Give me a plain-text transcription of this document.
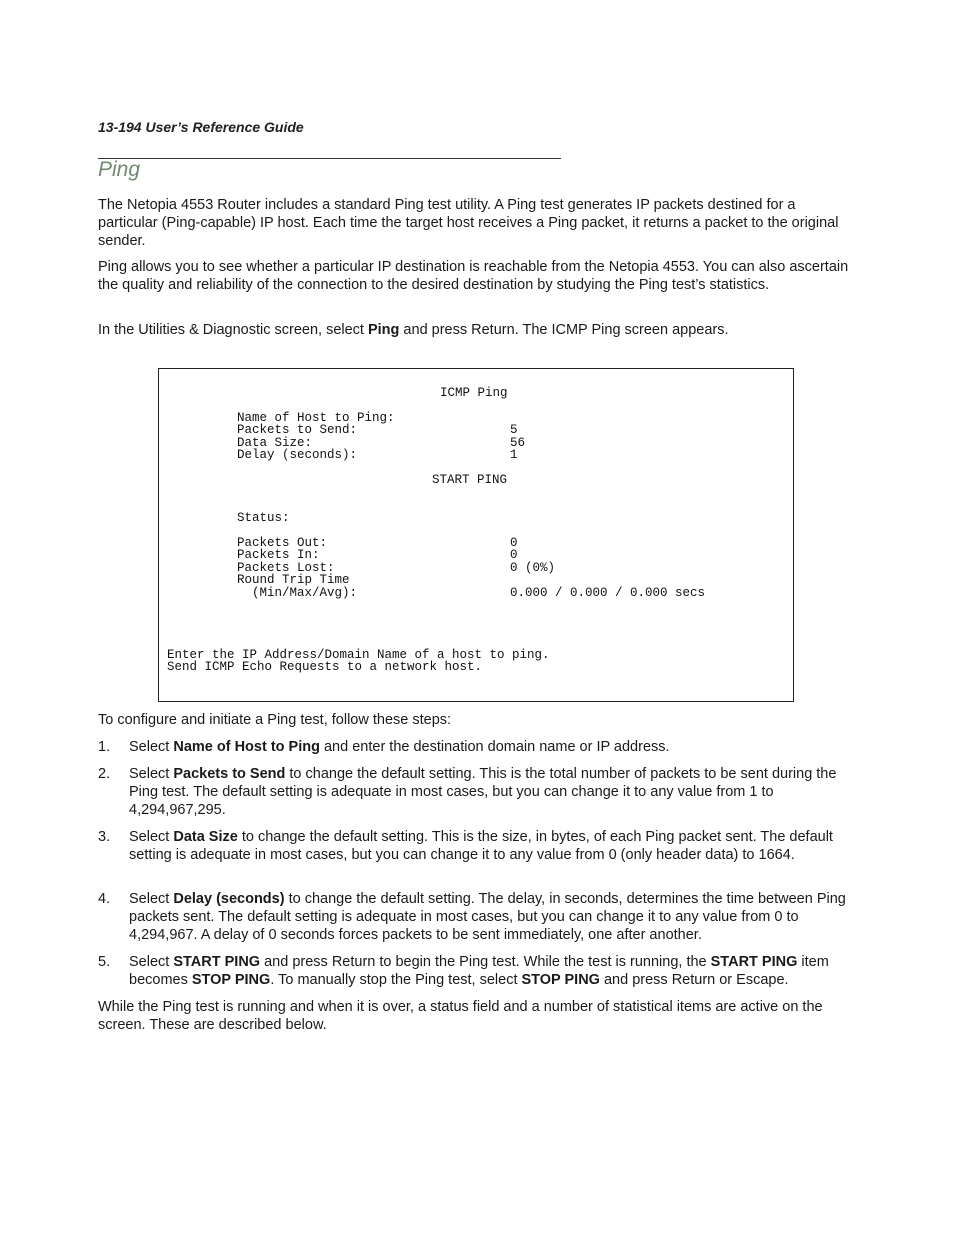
13-194 User’s Reference Guide
Ping

The Netopia 4553 Router includes a standard Ping test utility. A Ping test generates IP packets destined for a particular (Ping-capable) IP host. Each time the target host receives a Ping packet, it returns a packet to the original sender.

Ping allows you to see whether a particular IP destination is reachable from the Netopia 4553. You can also ascertain the quality and reliability of the connection to the desired destination by studying the Ping test’s statistics.

In the Utilities & Diagnostic screen, select Ping and press Return. The ICMP Ping screen appears.

ICMP Ping
Name of Host to Ping:
Packets to Send:	5
Data Size:	56
Delay (seconds):	1
START PING
Status:
Packets Out:	0
Packets In:	0
Packets Lost:	0 (0%)
Round Trip Time
(Min/Max/Avg):	0.000 / 0.000 / 0.000 secs
Enter the IP Address/Domain Name of a host to ping.
Send ICMP Echo Requests to a network host.

To configure and initiate a Ping test, follow these steps:

1. Select Name of Host to Ping and enter the destination domain name or IP address.
2. Select Packets to Send to change the default setting. This is the total number of packets to be sent during the Ping test. The default setting is adequate in most cases, but you can change it to any value from 1 to 4,294,967,295.
3. Select Data Size to change the default setting. This is the size, in bytes, of each Ping packet sent. The default setting is adequate in most cases, but you can change it to any value from 0 (only header data) to 1664.
4. Select Delay (seconds) to change the default setting. The delay, in seconds, determines the time between Ping packets sent. The default setting is adequate in most cases, but you can change it to any value from 0 to 4,294,967. A delay of 0 seconds forces packets to be sent immediately, one after another.
5. Select START PING and press Return to begin the Ping test. While the test is running, the START PING item becomes STOP PING. To manually stop the Ping test, select STOP PING and press Return or Escape.

While the Ping test is running and when it is over, a status field and a number of statistical items are active on the screen. These are described below.
